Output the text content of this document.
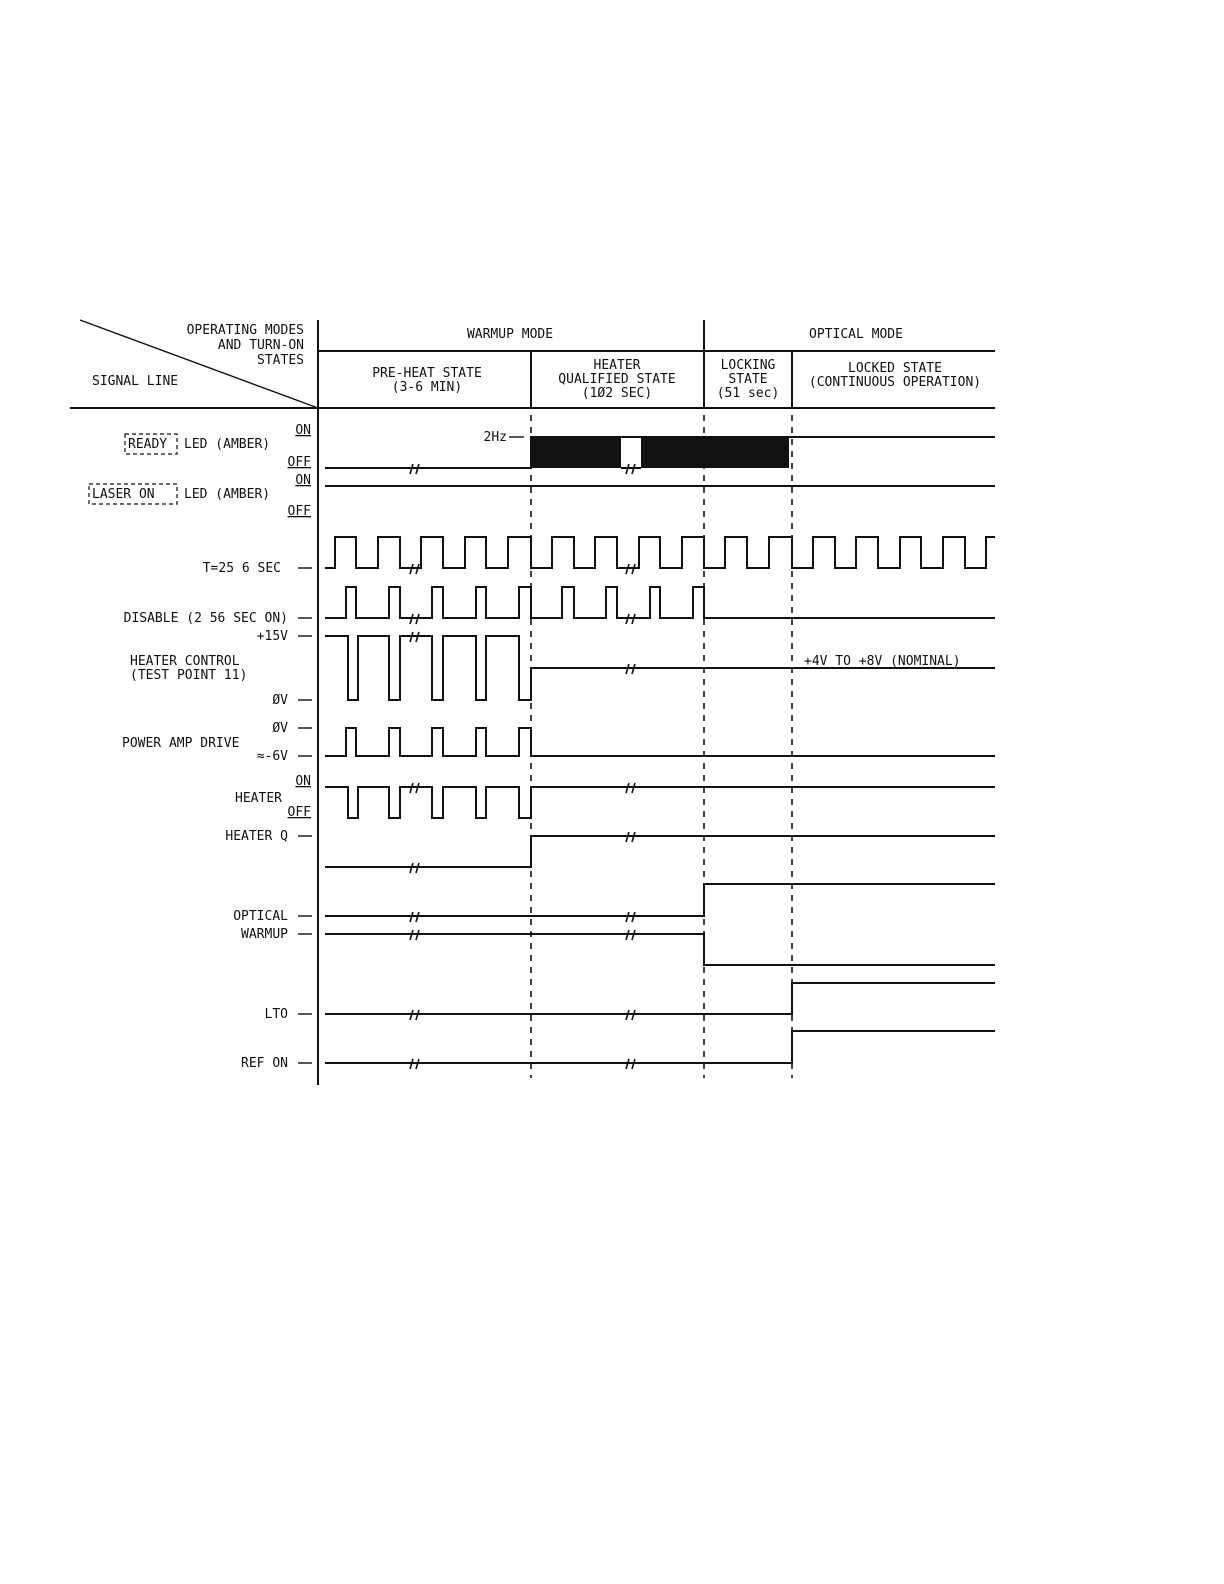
OPERATING MODES
AND TURN-ON
STATES
SIGNAL LINE
WARMUP MODE	OPTICAL MODE
PRE-HEAT STATE
(3-6 MIN)
HEATER
QUALIFIED STATE
(1Ø2 SEC)
LOCKING
STATE
(51 sec)
LOCKED STATE
(CONTINUOUS OPERATION)
READY LED (AMBER)
ON
OFF
2Hz
LASER ON LED (AMBER)
ON
OFF
T=25 6 SEC
DISABLE (2 56 SEC ON)
+15V
HEATER CONTROL
(TEST POINT 11)
ØV
+4V TO +8V (NOMINAL)
ØV
POWER AMP DRIVE
≈-6V
ON
HEATER
OFF
HEATER Q
OPTICAL
WARMUP
LTO
REF ON
